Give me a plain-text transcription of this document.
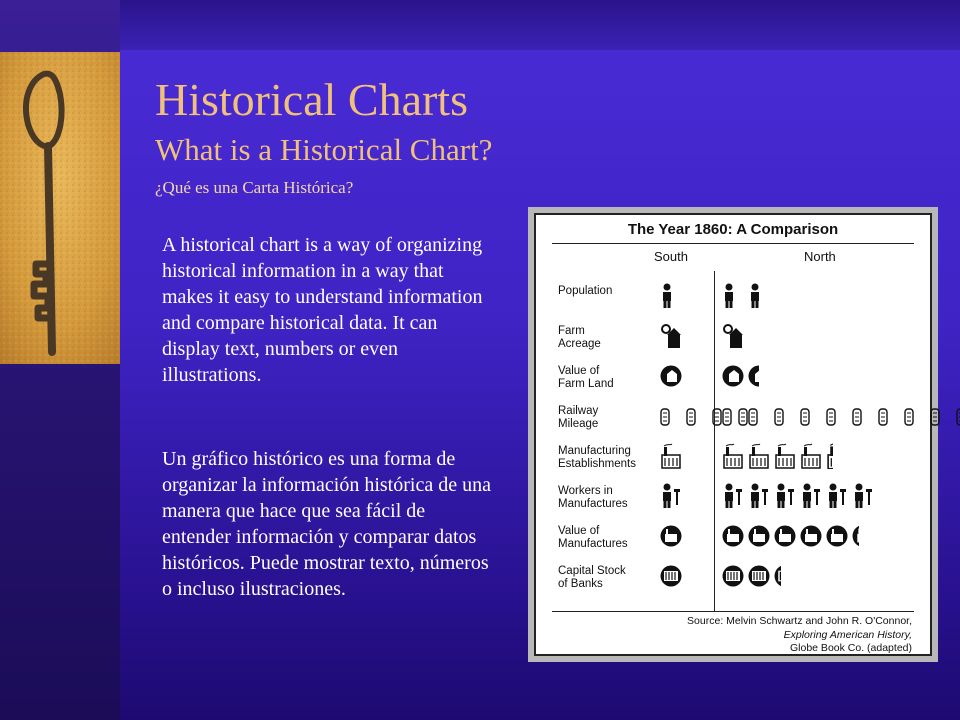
Historical Charts
What is a Historical Chart?
¿Qué es una Carta Histórica?
A historical chart is a way of organizing historical information in a way that makes it easy to understand information and compare historical data. It can display text, numbers or even illustrations.
Un gráfico histórico es una forma de organizar la información histórica de una manera que hace que sea fácil de entender información y comparar datos históricos. Puede mostrar texto, números o incluso ilustraciones.
The Year 1860: A Comparison
South	North
Source: Melvin Schwartz and John R. O'Connor,
Exploring American History,
Globe Book Co. (adapted)
Population
Farm
Acreage
Value of
Farm Land
Railway
Mileage
Manufacturing
Establishments
Workers in
Manufactures
Value of
Manufactures
Capital Stock
of Banks
